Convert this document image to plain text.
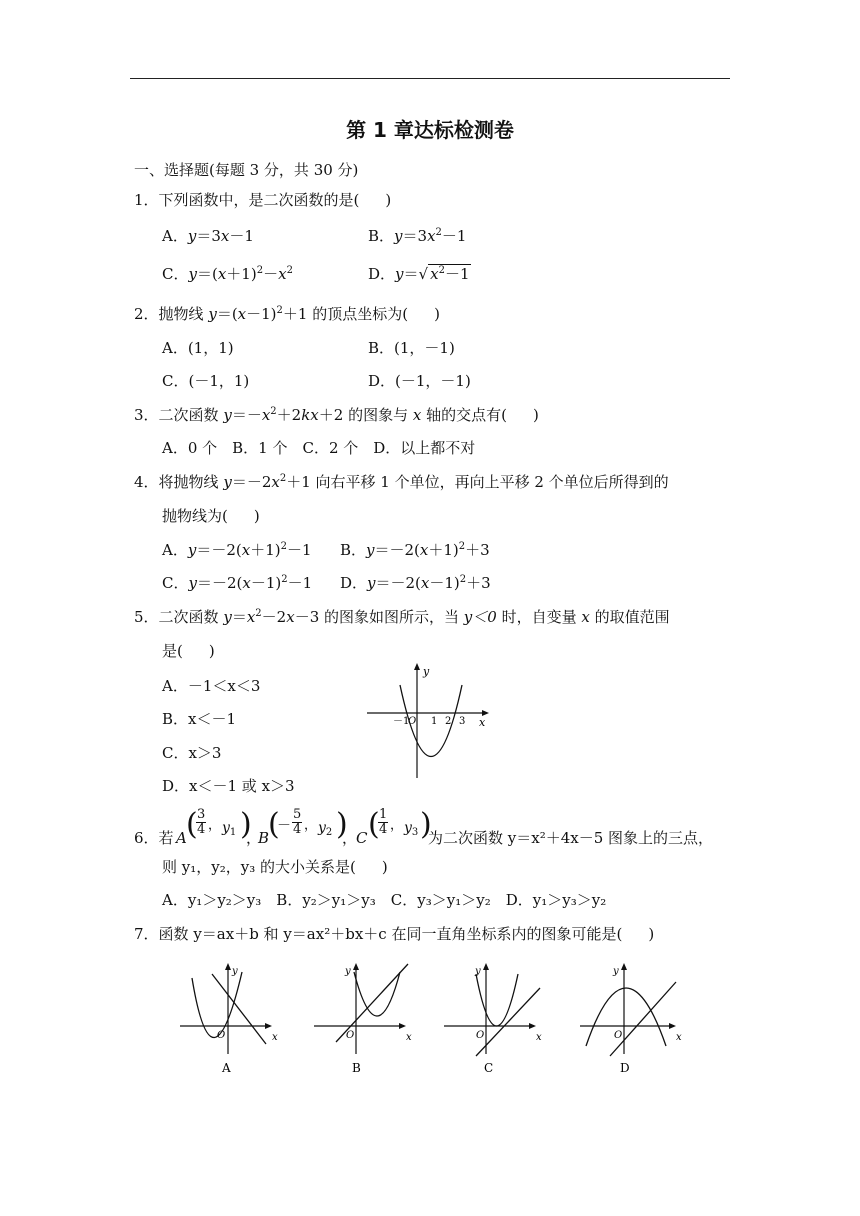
第 1 章达标检测卷
一、选择题(每题 3 分，共 30 分)
1．下列函数中，是二次函数的是( )
A．y＝3x－1	B．$y=3x^2-1$
C．$y=(x+1)^2-x^2$	D．y＝√ $x^2-1$
2．抛物线 $y=(x-1)^2+1$ 的顶点坐标为( )
A．(1，1)	B．(1，－1)
C．(－1，1)	D．(－1，－1)
3．二次函数 $y=-x^2+2kx+2$ 的图象与 x 轴的交点有( )
A．0 个　B．1 个　C．2 个　D．以上都不对
4．将抛物线 $y=-2x^2+1$ 向右平移 1 个单位，再向上平移 2 个单位后所得到的
抛物线为( )
A．$y=-2(x+1)^2-1$ B．$y=-2(x+1)^2+3$
C．$y=-2(x-1)^2-1$ D．$y=-2(x-1)^2+3$
5．二次函数 $y=x^2-2x-3$ 的图象如图所示，当 y＜0 时，自变量 x 的取值范围
是( )
A．－1＜x＜3
B．x＜－1
C．x＞3
D．x＜－1 或 x＞3
y
x
O
－1 1 2 3
6．若 A (
$\frac{3}{4}$ ， $y_1$ )
，
B
(
－ $\frac{5}{4}$ ， $y_2$ )
，
C (
$\frac{1}{4}$ ， $y_3$ )
为二次函数 y＝x²＋4x－5 图象上的三点，
则 y₁，y₂，y₃ 的大小关系是( )
A．y₁＞y₂＞y₃　B．y₂＞y₁＞y₃　C．y₃＞y₁＞y₂　D．y₁＞y₃＞y₂
7．函数 y＝ax＋b 和 y＝ax²＋bx＋c 在同一直角坐标系内的图象可能是( )
y
x
O
A
y
x
O
B
y
x
O
C
y
x
O
D
